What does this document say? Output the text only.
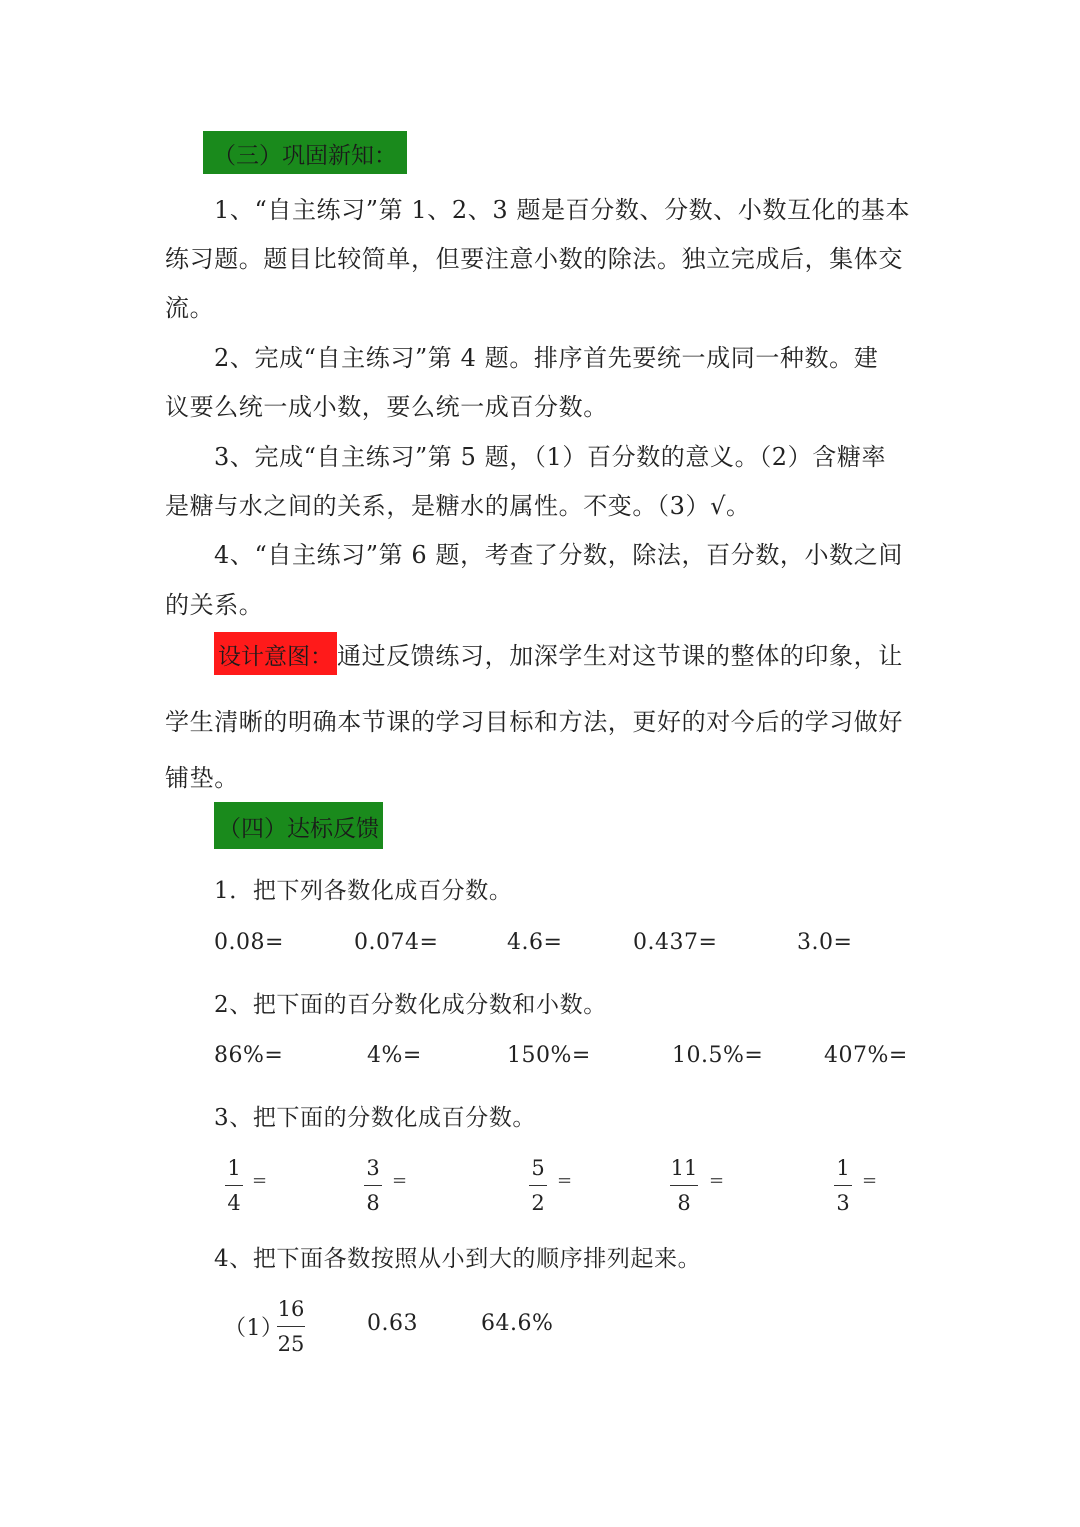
（三）巩固新知：
1、“自主练习”第 1、2、3 题是百分数、分数、小数互化的基本
练习题。题目比较简单，但要注意小数的除法。独立完成后，集体交
流。
2、完成“自主练习”第 4 题。排序首先要统一成同一种数。建
议要么统一成小数，要么统一成百分数。
3、完成“自主练习”第 5 题，（1）百分数的意义。（2）含糖率
是糖与水之间的关系，是糖水的属性。不变。（3）√。
4、“自主练习”第 6 题，考查了分数，除法，百分数，小数之间
的关系。
设计意图： 通过反馈练习，加深学生对这节课的整体的印象，让
学生清晰的明确本节课的学习目标和方法，更好的对今后的学习做好
铺垫。
（四）达标反馈
1．把下列各数化成百分数。
0.08=	0.074=	4.6=	0.437=	3.0=
2、把下面的百分数化成分数和小数。
86%=	4%=	150%=	10.5%=	407%=
3、把下面的分数化成百分数。
1
4
=
3
8
=
5
2
=
11
8
=
1
3
=
4、把下面各数按照从小到大的顺序排列起来。
（1）
16
25
0.63	64.6%
